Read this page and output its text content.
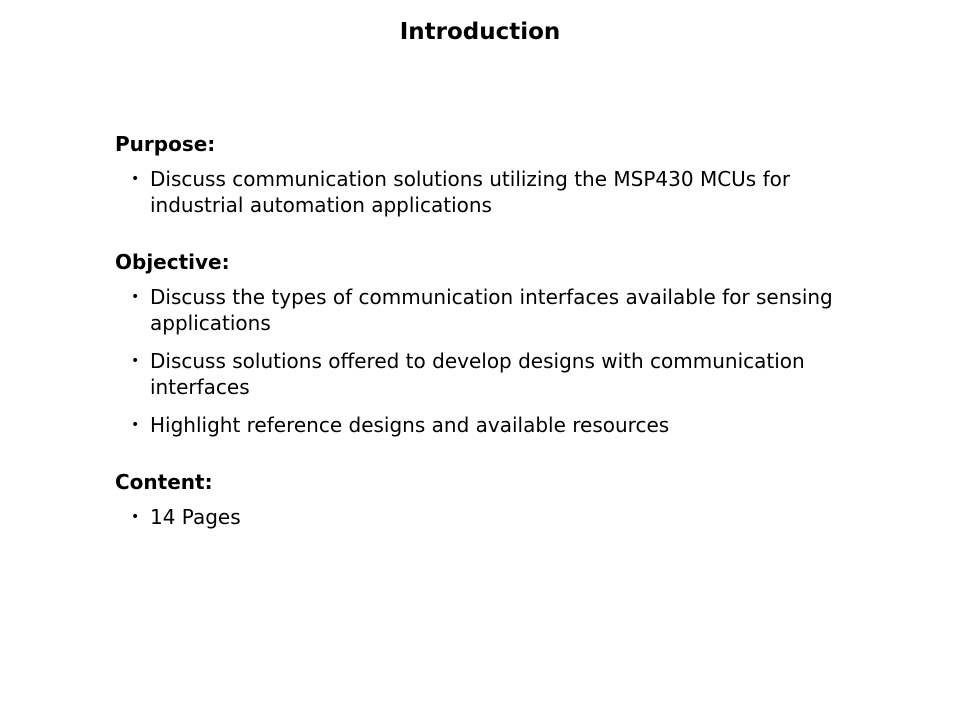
Introduction
Purpose:
• Discuss communication solutions utilizing the MSP430 MCUs for industrial automation applications
Objective:
• Discuss the types of communication interfaces available for sensing applications
• Discuss solutions offered to develop designs with communication interfaces
• Highlight reference designs and available resources
Content:
• 14 Pages
